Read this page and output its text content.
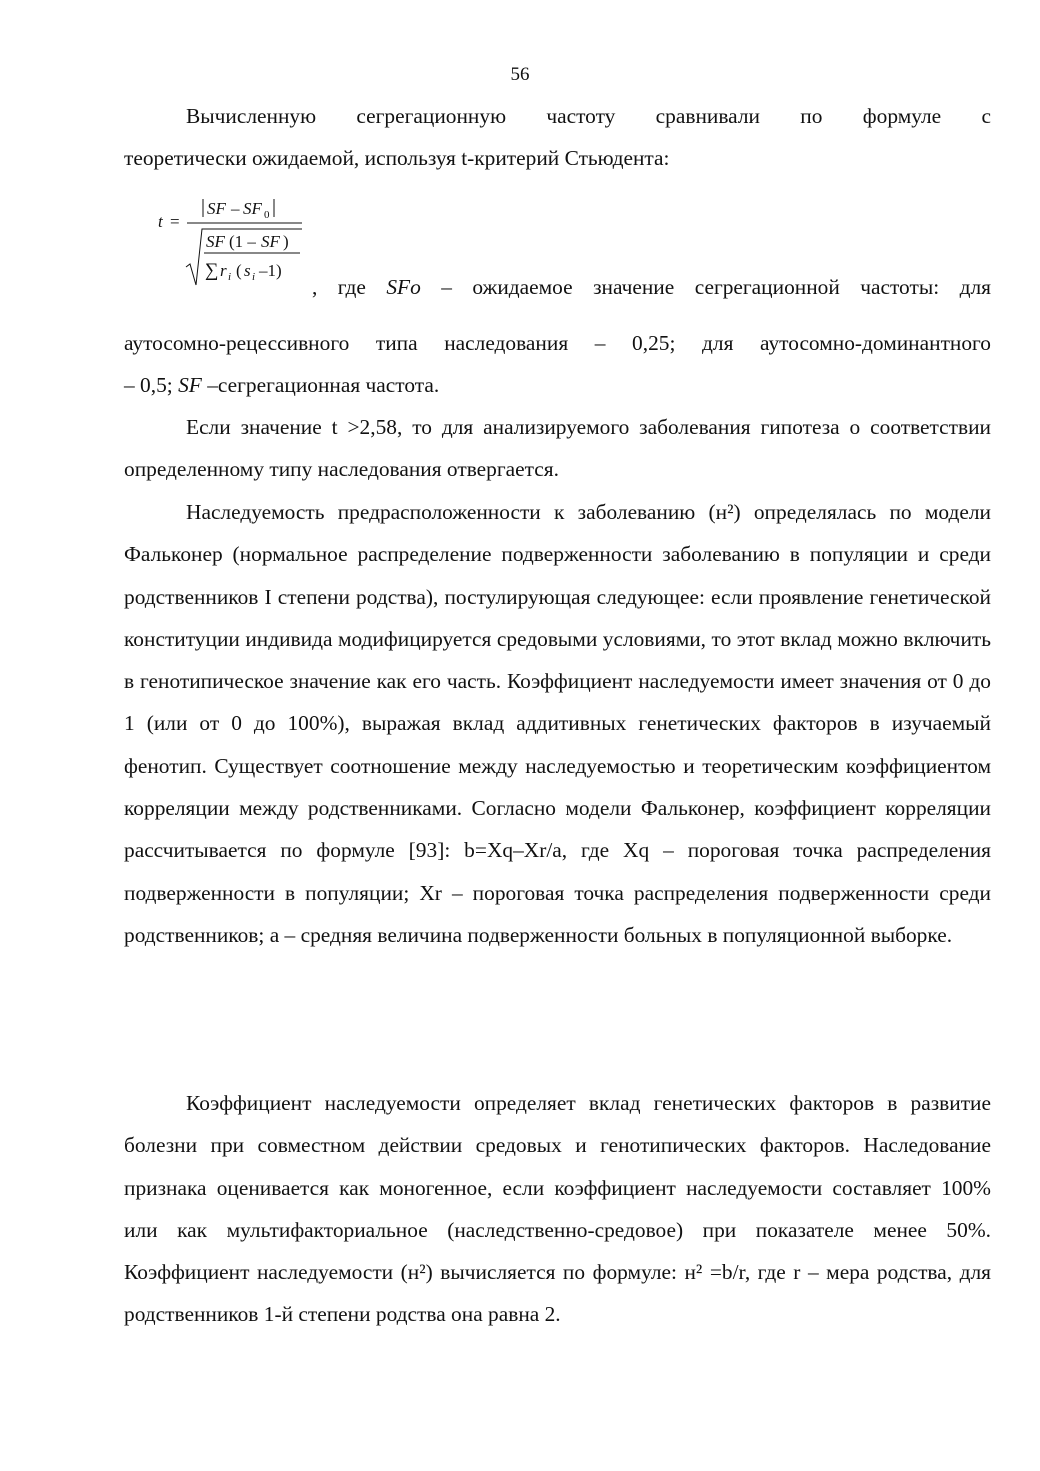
56
Вычисленную сегрегационную частоту сравнивали по формуле с
теоретически ожидаемой, используя t-критерий Стьюдента:
t =
SF – SF 0
SF (1 – SF )
∑ r i ( s i –1)
, где SFo – ожидаемое значение сегрегационной частоты: для
аутосомно-рецессивного типа наследования – 0,25; для аутосомно-доминантного
– 0,5; SF –сегрегационная частота.
Если значение t >2,58, то для анализируемого заболевания гипотеза о соответствии определенному типу наследования отвергается.
Наследуемость предрасположенности к заболеванию (н²) определялась по модели Фальконер (нормальное распределение подверженности заболеванию в популяции и среди родственников I степени родства), постулирующая следующее: если проявление генетической конституции индивида модифицируется средовыми условиями, то этот вклад можно включить в генотипическое значение как его часть. Коэффициент наследуемости имеет значения от 0 до 1 (или от 0 до 100%), выражая вклад аддитивных генетических факторов в изучаемый фенотип. Существует соотношение между наследуемостью и теоретическим коэффициентом корреляции между родственниками. Согласно модели Фальконер, коэффициент корреляции рассчитывается по формуле [93]: b=Xq–Xr/a, где Xq – пороговая точка распределения подверженности в популяции; Xr – пороговая точка распределения подверженности среди родственников; a – средняя величина подверженности больных в популяционной выборке.
Коэффициент наследуемости определяет вклад генетических факторов в развитие болезни при совместном действии средовых и генотипических факторов. Наследование признака оценивается как моногенное, если коэффициент наследуемости составляет 100% или как мультифакториальное (наследственно-средовое) при показателе менее 50%. Коэффициент наследуемости (н²) вычисляется по формуле: н² =b/r, где r – мера родства, для родственников 1-й степени родства она равна 2.
